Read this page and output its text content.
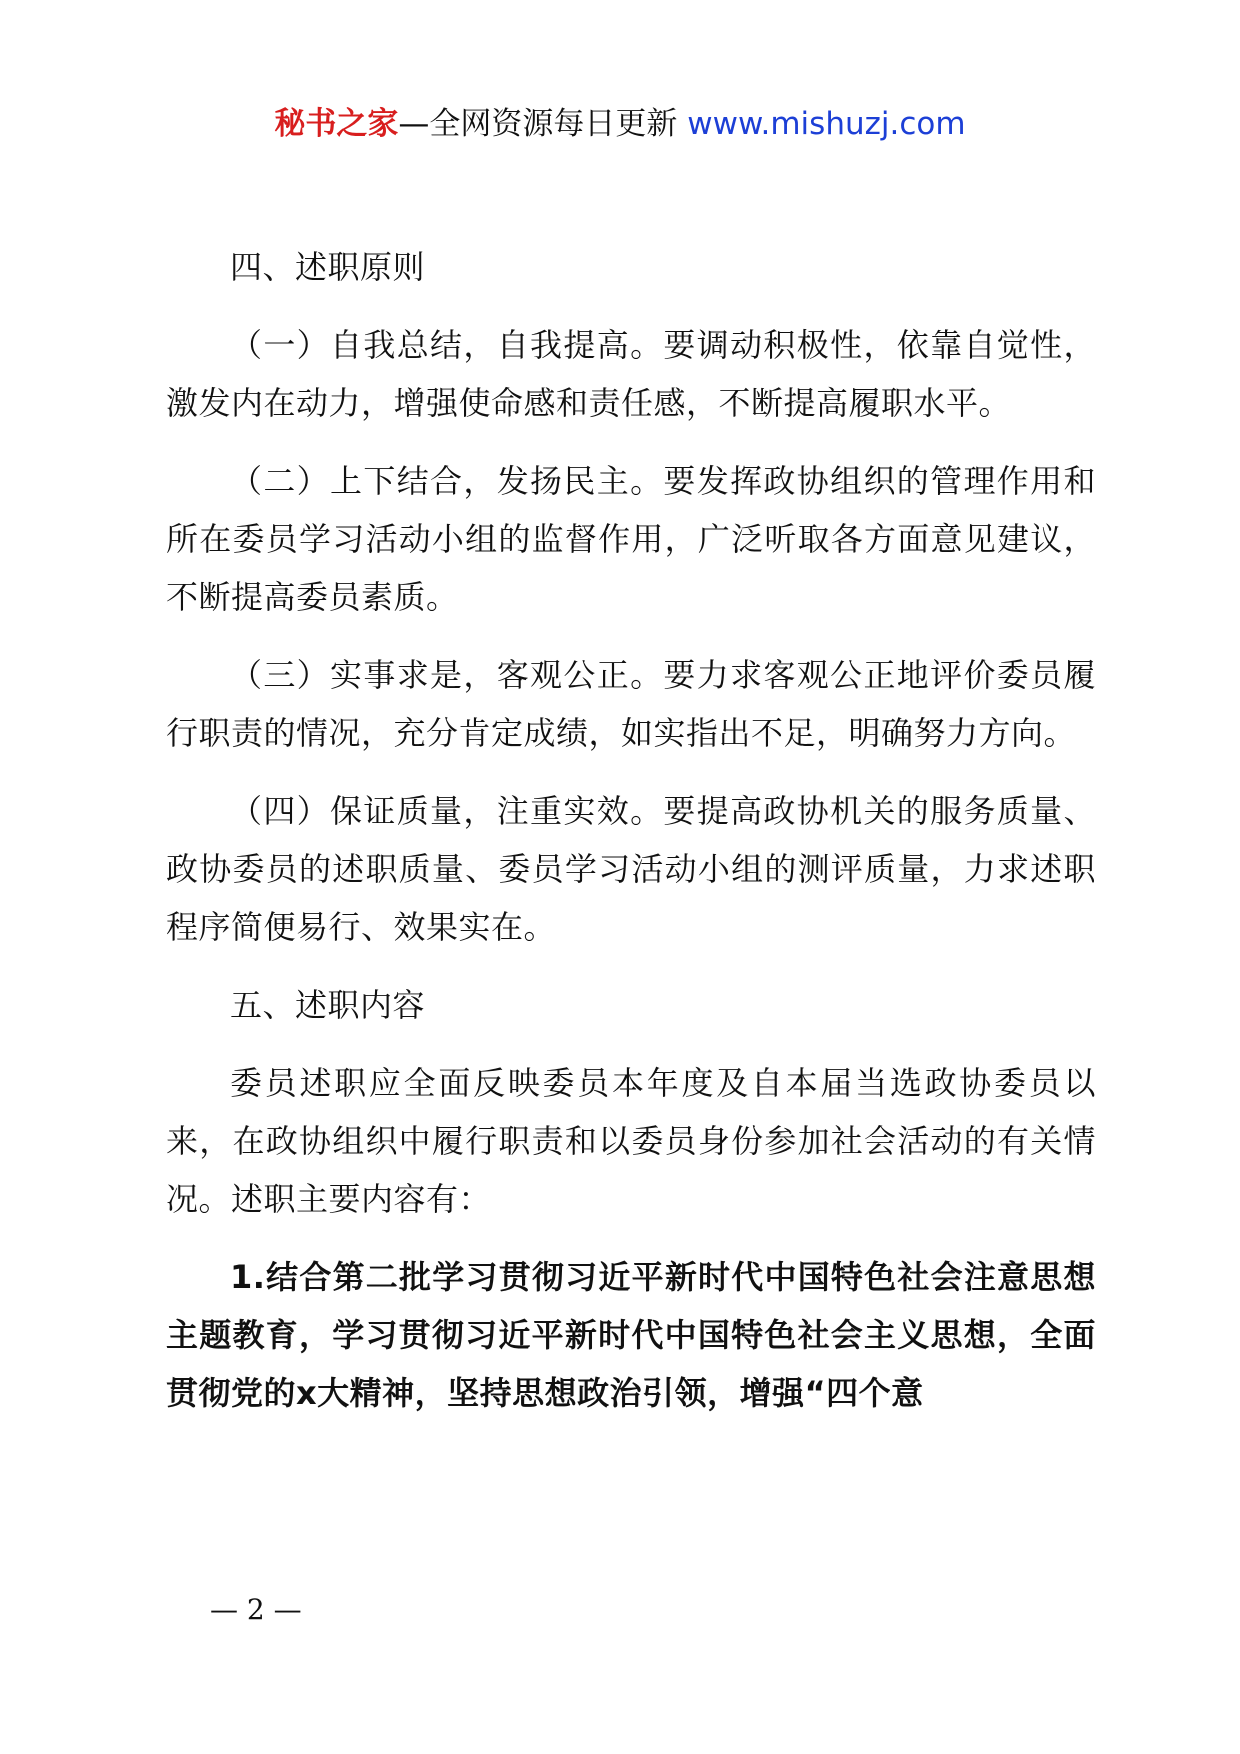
秘书之家—全网资源每日更新 www.mishuzj.com

四、述职原则

（一）自我总结，自我提高。要调动积极性，依靠自觉性，激发内在动力，增强使命感和责任感，不断提高履职水平。

（二）上下结合，发扬民主。要发挥政协组织的管理作用和所在委员学习活动小组的监督作用，广泛听取各方面意见建议，不断提高委员素质。

（三）实事求是，客观公正。要力求客观公正地评价委员履行职责的情况，充分肯定成绩，如实指出不足，明确努力方向。

（四）保证质量，注重实效。要提高政协机关的服务质量、政协委员的述职质量、委员学习活动小组的测评质量，力求述职程序简便易行、效果实在。

五、述职内容

委员述职应全面反映委员本年度及自本届当选政协委员以来，在政协组织中履行职责和以委员身份参加社会活动的有关情况。述职主要内容有：

1.结合第二批学习贯彻习近平新时代中国特色社会注意思想主题教育，学习贯彻习近平新时代中国特色社会主义思想，全面贯彻党的x大精神，坚持思想政治引领，增强“四个意

— 2 —
